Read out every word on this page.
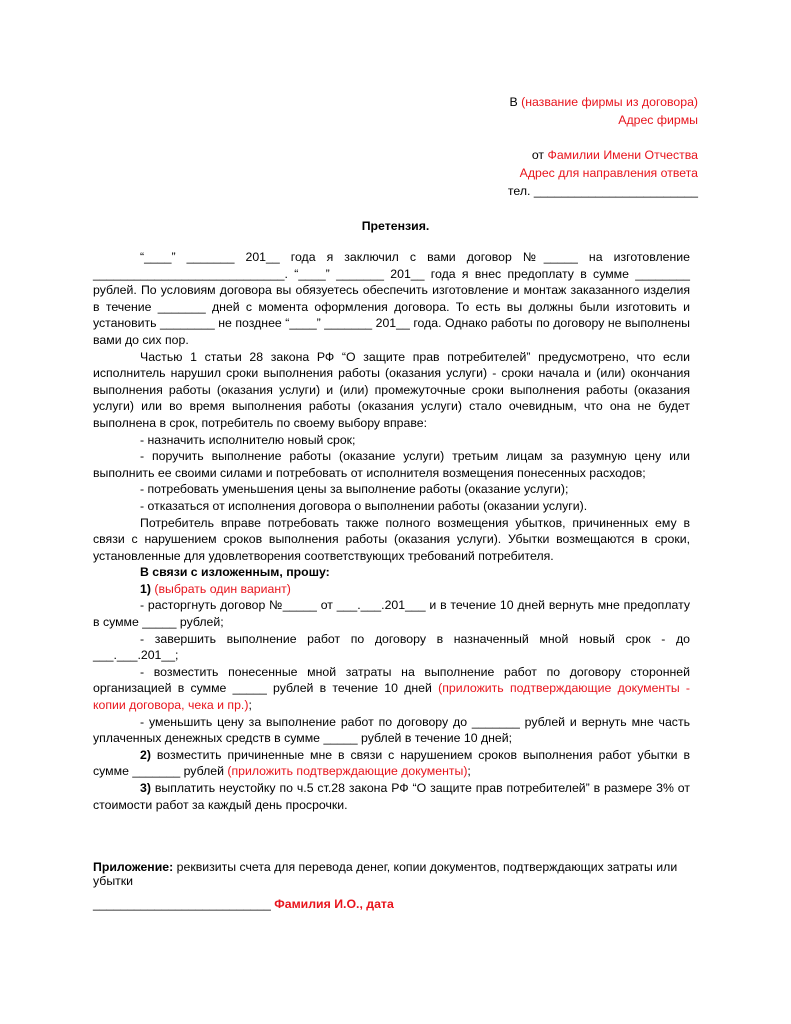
В (название фирмы из договора)
Адрес фирмы
от Фамилии Имени Отчества
Адрес для направления ответа
тел. ________________________
Претензия.

“____” _______ 201__ года я заключил с вами договор №_____ на изготовление ____________________________. “____” _______ 201__ года я внес предоплату в сумме ________ рублей. По условиям договора вы обязуетесь обеспечить изготовление и монтаж заказанного изделия в течение _______ дней с момента оформления договора. То есть вы должны были изготовить и установить ________ не позднее “____” _______ 201__ года. Однако работы по договору не выполнены вами до сих пор.

Частью 1 статьи 28 закона РФ “О защите прав потребителей” предусмотрено, что если исполнитель нарушил сроки выполнения работы (оказания услуги) - сроки начала и (или) окончания выполнения работы (оказания услуги) и (или) промежуточные сроки выполнения работы (оказания услуги) или во время выполнения работы (оказания услуги) стало очевидным, что она не будет выполнена в срок, потребитель по своему выбору вправе:

- назначить исполнителю новый срок;

- поручить выполнение работы (оказание услуги) третьим лицам за разумную цену или выполнить ее своими силами и потребовать от исполнителя возмещения понесенных расходов;

- потребовать уменьшения цены за выполнение работы (оказание услуги);

- отказаться от исполнения договора о выполнении работы (оказании услуги).

Потребитель вправе потребовать также полного возмещения убытков, причиненных ему в связи с нарушением сроков выполнения работы (оказания услуги). Убытки возмещаются в сроки, установленные для удовлетворения соответствующих требований потребителя.

В связи с изложенным, прошу:

1) (выбрать один вариант)

- расторгнуть договор №_____ от ___.___.201___ и в течение 10 дней вернуть мне предоплату в сумме _____ рублей;

- завершить выполнение работ по договору в назначенный мной новый срок - до ___.___.201__;

- возместить понесенные мной затраты на выполнение работ по договору сторонней организацией в сумме _____ рублей в течение 10 дней (приложить подтверждающие документы - копии договора, чека и пр.);

- уменьшить цену за выполнение работ по договору до _______ рублей и вернуть мне часть уплаченных денежных средств в сумме _____ рублей в течение 10 дней;

2) возместить причиненные мне в связи с нарушением сроков выполнения работ убытки в сумме _______ рублей (приложить подтверждающие документы);

3) выплатить неустойку по ч.5 ст.28 закона РФ “О защите прав потребителей” в размере 3% от стоимости работ за каждый день просрочки.

Приложение: реквизиты счета для перевода денег, копии документов, подтверждающих затраты или убытки
__________________________ Фамилия И.О., дата
